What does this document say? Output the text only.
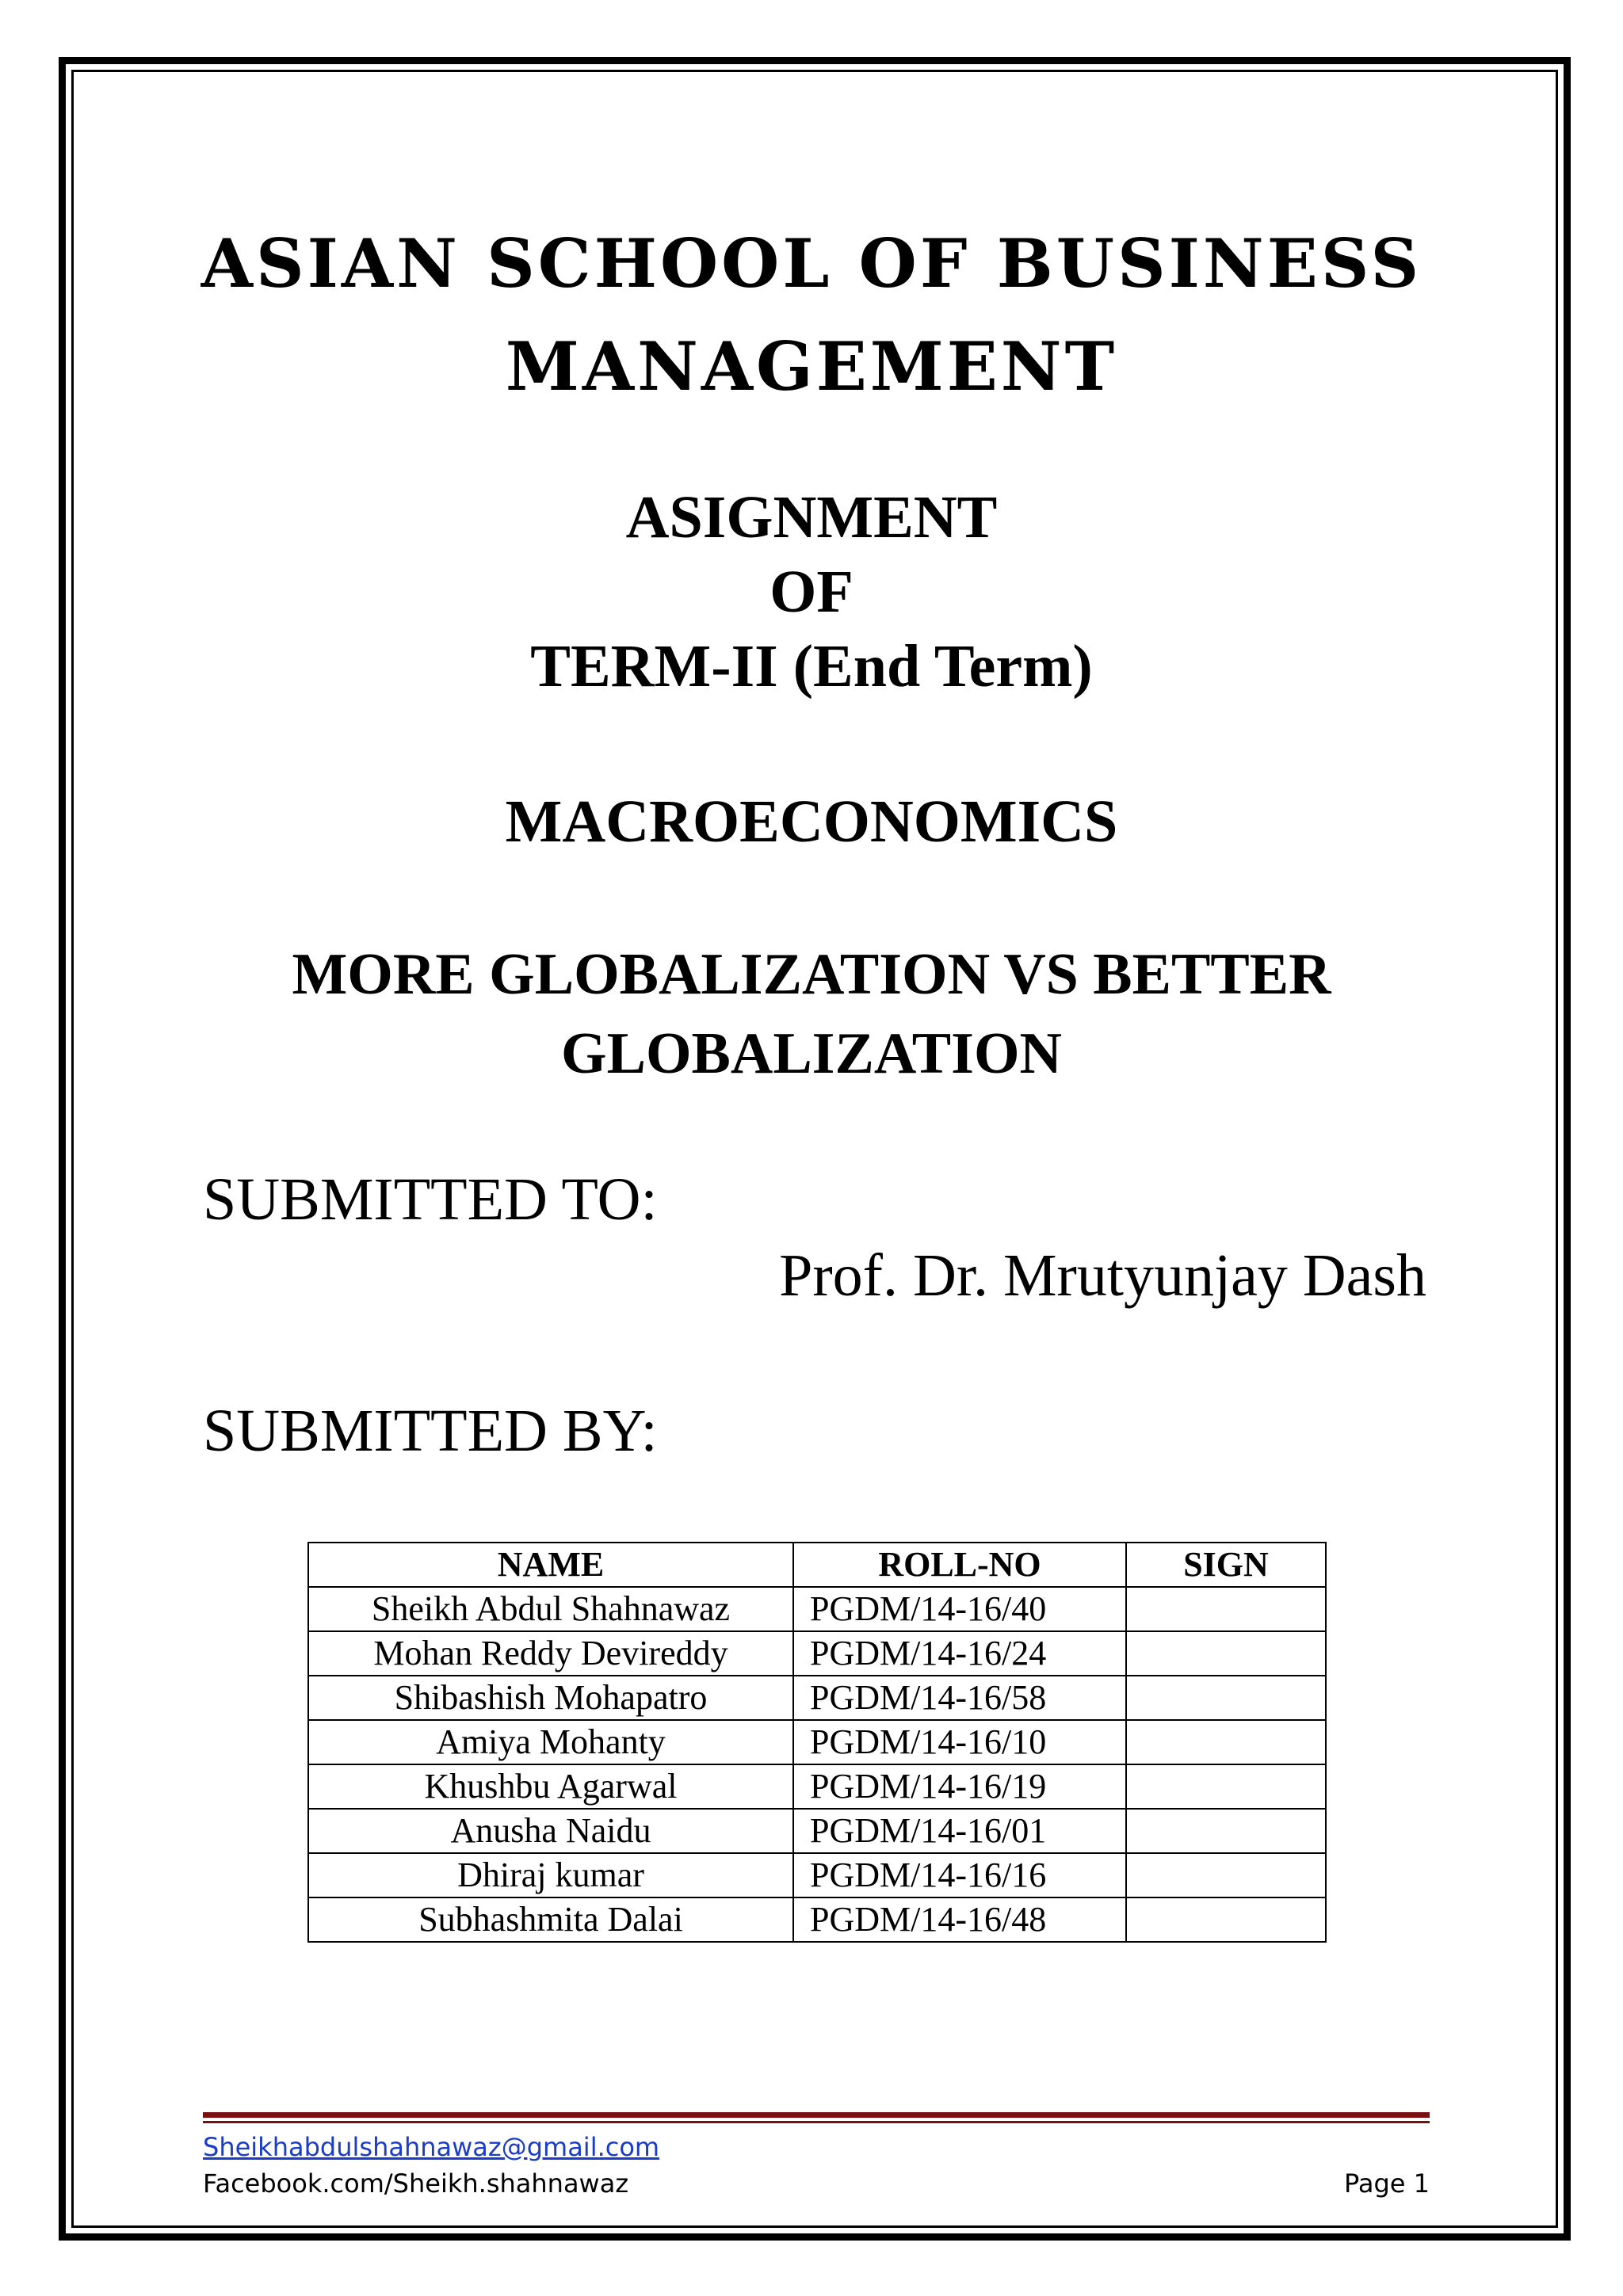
ASIAN SCHOOL OF BUSINESS
MANAGEMENT
ASIGNMENT
OF
TERM-II (End Term)
MACROECONOMICS
MORE GLOBALIZATION VS BETTER
GLOBALIZATION
SUBMITTED TO:
Prof. Dr. Mrutyunjay Dash
SUBMITTED BY:
NAME	ROLL-NO	SIGN
Sheikh Abdul Shahnawaz	PGDM/14-16/40	
Mohan Reddy Devireddy	PGDM/14-16/24	
Shibashish Mohapatro	PGDM/14-16/58	
Amiya Mohanty	PGDM/14-16/10	
Khushbu Agarwal	PGDM/14-16/19	
Anusha Naidu	PGDM/14-16/01	
Dhiraj kumar	PGDM/14-16/16	
Subhashmita Dalai	PGDM/14-16/48	
Sheikhabdulshahnawaz@gmail.com
Facebook.com/Sheikh.shahnawaz	Page 1
